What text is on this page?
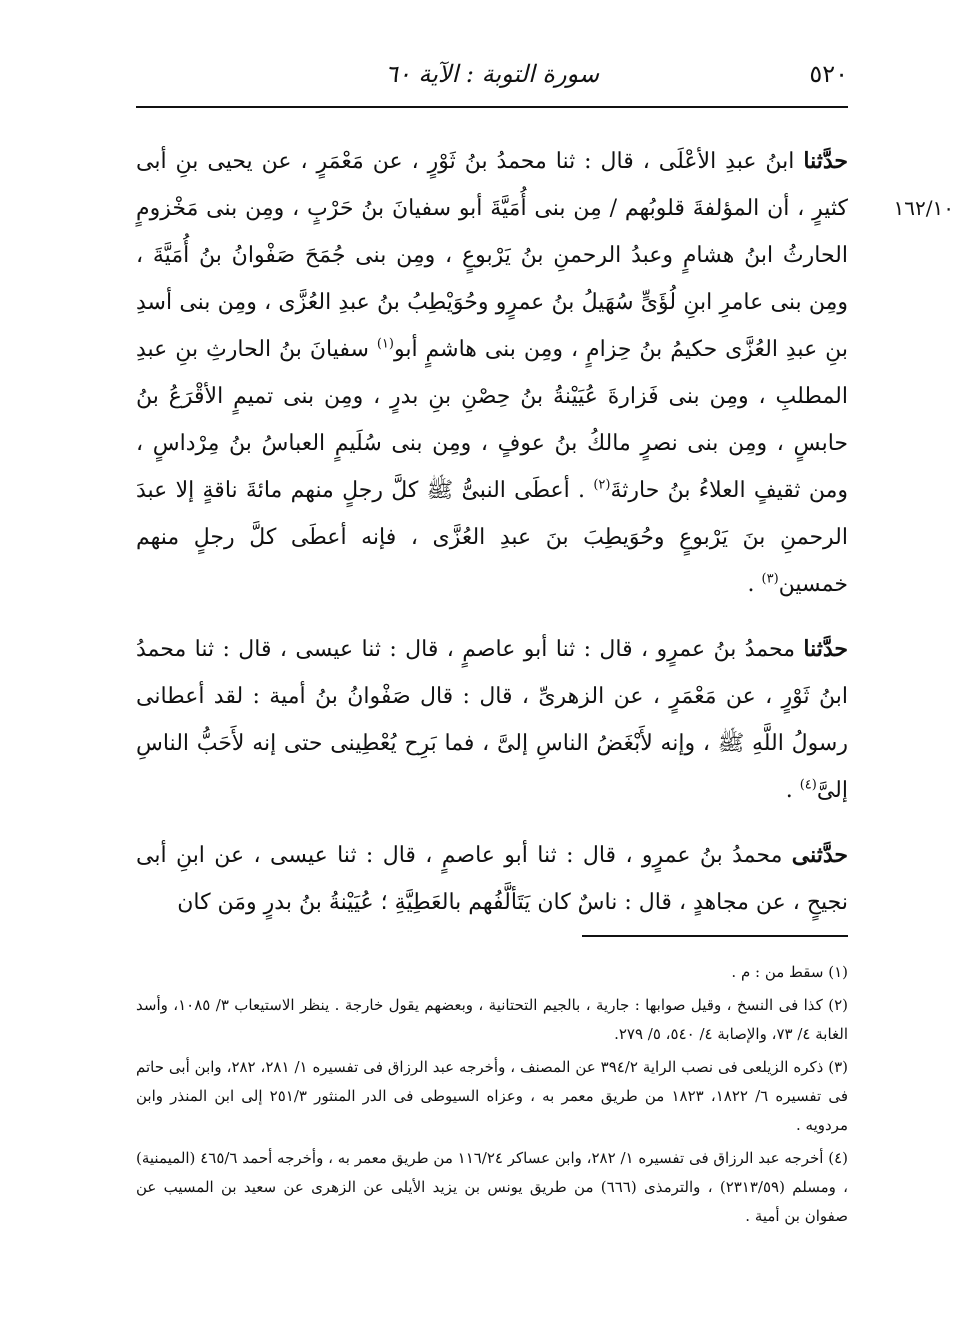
٥٢٠
سورة التوبة : الآية ٦٠
١٦٢/١٠

حدَّثنا ابنُ عبدِ الأعْلَى ، قال : ثنا محمدُ بنُ ثَوْرٍ ، عن مَعْمَرٍ ، عن يحيى بنِ أبى كثيرٍ ، أن المؤلفةَ قلوبُهم / مِن بنى أُمَيَّةَ أبو سفيانَ بنُ حَرْبٍ ، ومِن بنى مَخْزومٍ الحارثُ ابنُ هشامٍ وعبدُ الرحمنِ بنُ يَرْبوعٍ ، ومِن بنى جُمَحَ صَفْوانُ بنُ أُمَيَّةَ ، ومِن بنى عامرِ ابنِ لُؤَىٍّ سُهَيلُ بنُ عمرٍو وحُوَيْطِبُ بنُ عبدِ العُزَّى ، ومِن بنى أسدِ بنِ عبدِ العُزَّى حكيمُ بنُ حِزامٍ ، ومِن بنى هاشمٍ أبو$^{(١)}$ سفيانَ بنُ الحارثِ بنِ عبدِ المطلبِ ، ومِن بنى فَزارةَ عُيَيْنةُ بنُ حِصْنِ بنِ بدرٍ ، ومِن بنى تميمٍ الأقْرَعُ بنُ حابسٍ ، ومِن بنى نصرٍ مالكُ بنُ عوفٍ ، ومِن بنى سُلَيمٍ العباسُ بنُ مِرْداسٍ ، ومن ثقيفٍ العلاءُ بنُ حارثةَ$^{(٢)}$ . أعطَى النبىُّ ﷺ كلَّ رجلٍ منهم مائةَ ناقةٍ إلا عبدَ الرحمنِ بنَ يَرْبوعٍ وحُوَيطِبَ بنَ عبدِ العُزَّى ، فإنه أعطَى كلَّ رجلٍ منهم خمسين$^{(٣)}$ .

حدَّثنا محمدُ بنُ عمرٍو ، قال : ثنا أبو عاصمٍ ، قال : ثنا عيسى ، قال : ثنا محمدُ ابنُ ثَوْرٍ ، عن مَعْمَرٍ ، عن الزهرىِّ ، قال : قال صَفْوانُ بنُ أمية : لقد أعطانى رسولُ اللَّهِ ﷺ ، وإنه لأَبْغَضُ الناسِ إلىَّ ، فما بَرِح يُعْطِينى حتى إنه لأَحَبُّ الناسِ إلىَّ$^{(٤)}$ .

حدَّثنى محمدُ بنُ عمرٍو ، قال : ثنا أبو عاصمٍ ، قال : ثنا عيسى ، عن ابنِ أبى نجيحٍ ، عن مجاهدٍ ، قال : ناسٌ كان يَتَألَّفُهم بالعَطِيَّةِ ؛ عُيَيْنةُ بنُ بدرٍ ومَن كان

(١) سقط من : م .

(٢) كذا فى النسخ ، وقيل صوابها : جارية ، بالجيم التحتانية ، وبعضهم يقول خارجة . ينظر الاستيعاب ٣/ ١٠٨٥، وأسد الغابة ٤/ ٧٣، والإصابة ٤/ ٥٤٠، ٥/ ٢٧٩.

(٣) ذكره الزيلعى فى نصب الراية ٣٩٤/٢ عن المصنف ، وأخرجه عبد الرزاق فى تفسيره ١/ ٢٨١، ٢٨٢، وابن أبى حاتم فى تفسيره ٦/ ١٨٢٢، ١٨٢٣ من طريق معمر به ، وعزاه السيوطى فى الدر المنثور ٢٥١/٣ إلى ابن المنذر وابن مردويه .

(٤) أخرجه عبد الرزاق فى تفسيره ١/ ٢٨٢، وابن عساكر ١١٦/٢٤ من طريق معمر به ، وأخرجه أحمد ٤٦٥/٦ (الميمنية) ، ومسلم (٢٣١٣/٥٩) ، والترمذى (٦٦٦) من طريق يونس بن يزيد الأيلى عن الزهرى عن سعيد بن المسيب عن صفوان بن أمية .
